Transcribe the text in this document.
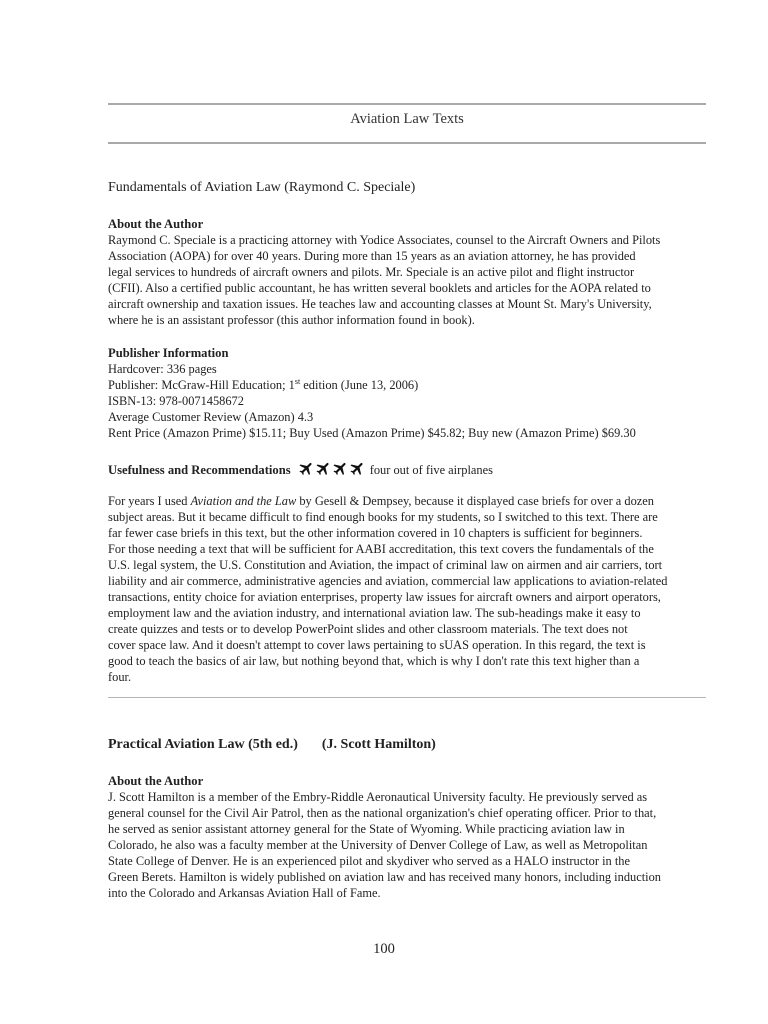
Aviation Law Texts
Fundamentals of Aviation Law (Raymond C. Speciale)
About the Author
Raymond C. Speciale is a practicing attorney with Yodice Associates, counsel to the Aircraft Owners and Pilots
Association (AOPA) for over 40 years. During more than 15 years as an aviation attorney, he has provided
legal services to hundreds of aircraft owners and pilots. Mr. Speciale is an active pilot and flight instructor
(CFII). Also a certified public accountant, he has written several booklets and articles for the AOPA related to
aircraft ownership and taxation issues. He teaches law and accounting classes at Mount St. Mary's University,
where he is an assistant professor (this author information found in book).
Publisher Information
Hardcover: 336 pages
Publisher: McGraw-Hill Education; 1st edition (June 13, 2006)
ISBN-13: 978-0071458672
Average Customer Review (Amazon) 4.3
Rent Price (Amazon Prime) $15.11; Buy Used (Amazon Prime) $45.82; Buy new (Amazon Prime) $69.30
Usefulness and Recommendations	four out of five airplanes
For years I used Aviation and the Law by Gesell & Dempsey, because it displayed case briefs for over a dozen
subject areas. But it became difficult to find enough books for my students, so I switched to this text. There are
far fewer case briefs in this text, but the other information covered in 10 chapters is sufficient for beginners.
For those needing a text that will be sufficient for AABI accreditation, this text covers the fundamentals of the
U.S. legal system, the U.S. Constitution and Aviation, the impact of criminal law on airmen and air carriers, tort
liability and air commerce, administrative agencies and aviation, commercial law applications to aviation-related
transactions, entity choice for aviation enterprises, property law issues for aircraft owners and airport operators,
employment law and the aviation industry, and international aviation law. The sub-headings make it easy to
create quizzes and tests or to develop PowerPoint slides and other classroom materials. The text does not
cover space law. And it doesn't attempt to cover laws pertaining to sUAS operation. In this regard, the text is
good to teach the basics of air law, but nothing beyond that, which is why I don't rate this text higher than a
four.
Practical Aviation Law (5th ed.) (J. Scott Hamilton)
About the Author
J. Scott Hamilton is a member of the Embry-Riddle Aeronautical University faculty. He previously served as
general counsel for the Civil Air Patrol, then as the national organization's chief operating officer. Prior to that,
he served as senior assistant attorney general for the State of Wyoming. While practicing aviation law in
Colorado, he also was a faculty member at the University of Denver College of Law, as well as Metropolitan
State College of Denver. He is an experienced pilot and skydiver who served as a HALO instructor in the
Green Berets. Hamilton is widely published on aviation law and has received many honors, including induction
into the Colorado and Arkansas Aviation Hall of Fame.
100
